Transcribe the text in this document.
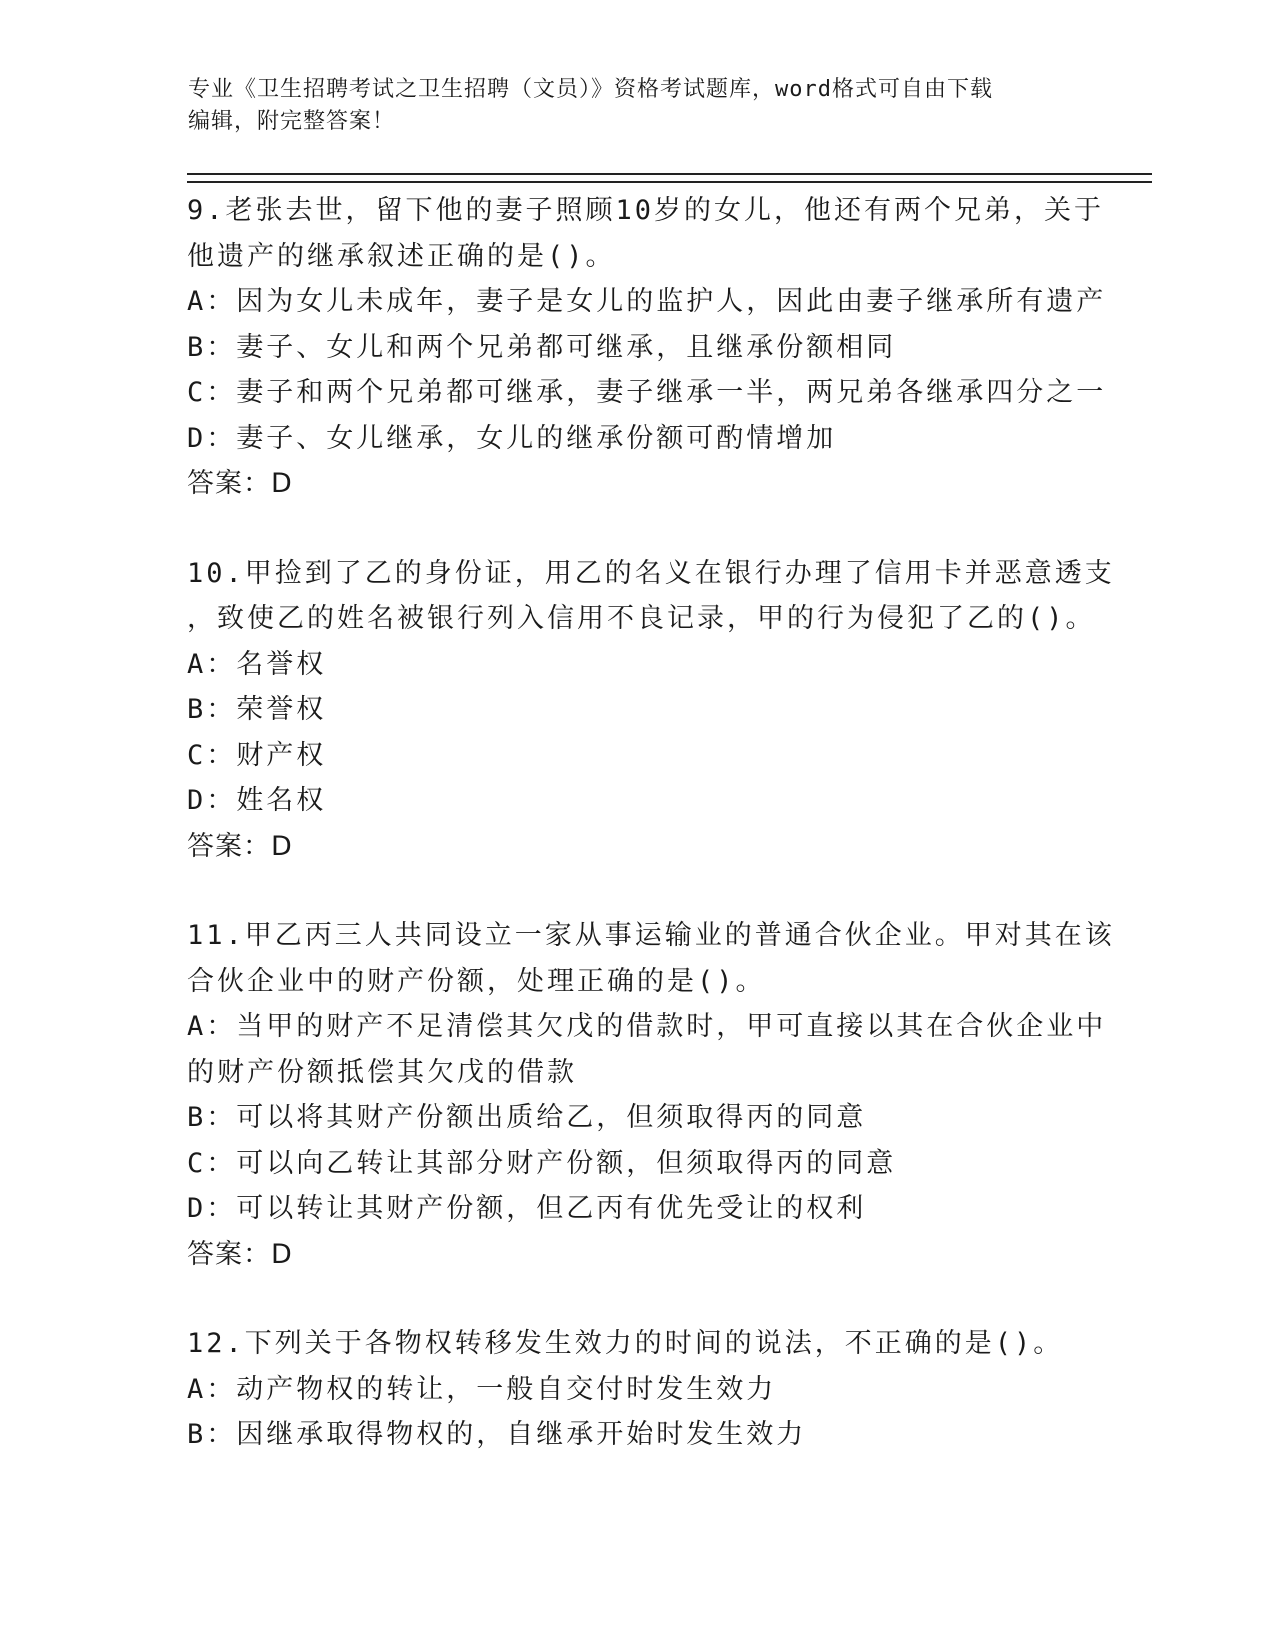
专业《卫生招聘考试之卫生招聘（文员）》资格考试题库，word格式可自由下载
编辑，附完整答案！
9.老张去世，留下他的妻子照顾10岁的女儿，他还有两个兄弟，关于
他遗产的继承叙述正确的是()。
A：因为女儿未成年，妻子是女儿的监护人，因此由妻子继承所有遗产
B：妻子、女儿和两个兄弟都可继承，且继承份额相同
C：妻子和两个兄弟都可继承，妻子继承一半，两兄弟各继承四分之一
D：妻子、女儿继承，女儿的继承份额可酌情增加
答案：D
10.甲捡到了乙的身份证，用乙的名义在银行办理了信用卡并恶意透支
，致使乙的姓名被银行列入信用不良记录，甲的行为侵犯了乙的()。
A：名誉权
B：荣誉权
C：财产权
D：姓名权
答案：D
11.甲乙丙三人共同设立一家从事运输业的普通合伙企业。甲对其在该
合伙企业中的财产份额，处理正确的是()。
A：当甲的财产不足清偿其欠戊的借款时，甲可直接以其在合伙企业中
的财产份额抵偿其欠戊的借款
B：可以将其财产份额出质给乙，但须取得丙的同意
C：可以向乙转让其部分财产份额，但须取得丙的同意
D：可以转让其财产份额，但乙丙有优先受让的权利
答案：D
12.下列关于各物权转移发生效力的时间的说法，不正确的是()。
A：动产物权的转让，一般自交付时发生效力
B：因继承取得物权的，自继承开始时发生效力
